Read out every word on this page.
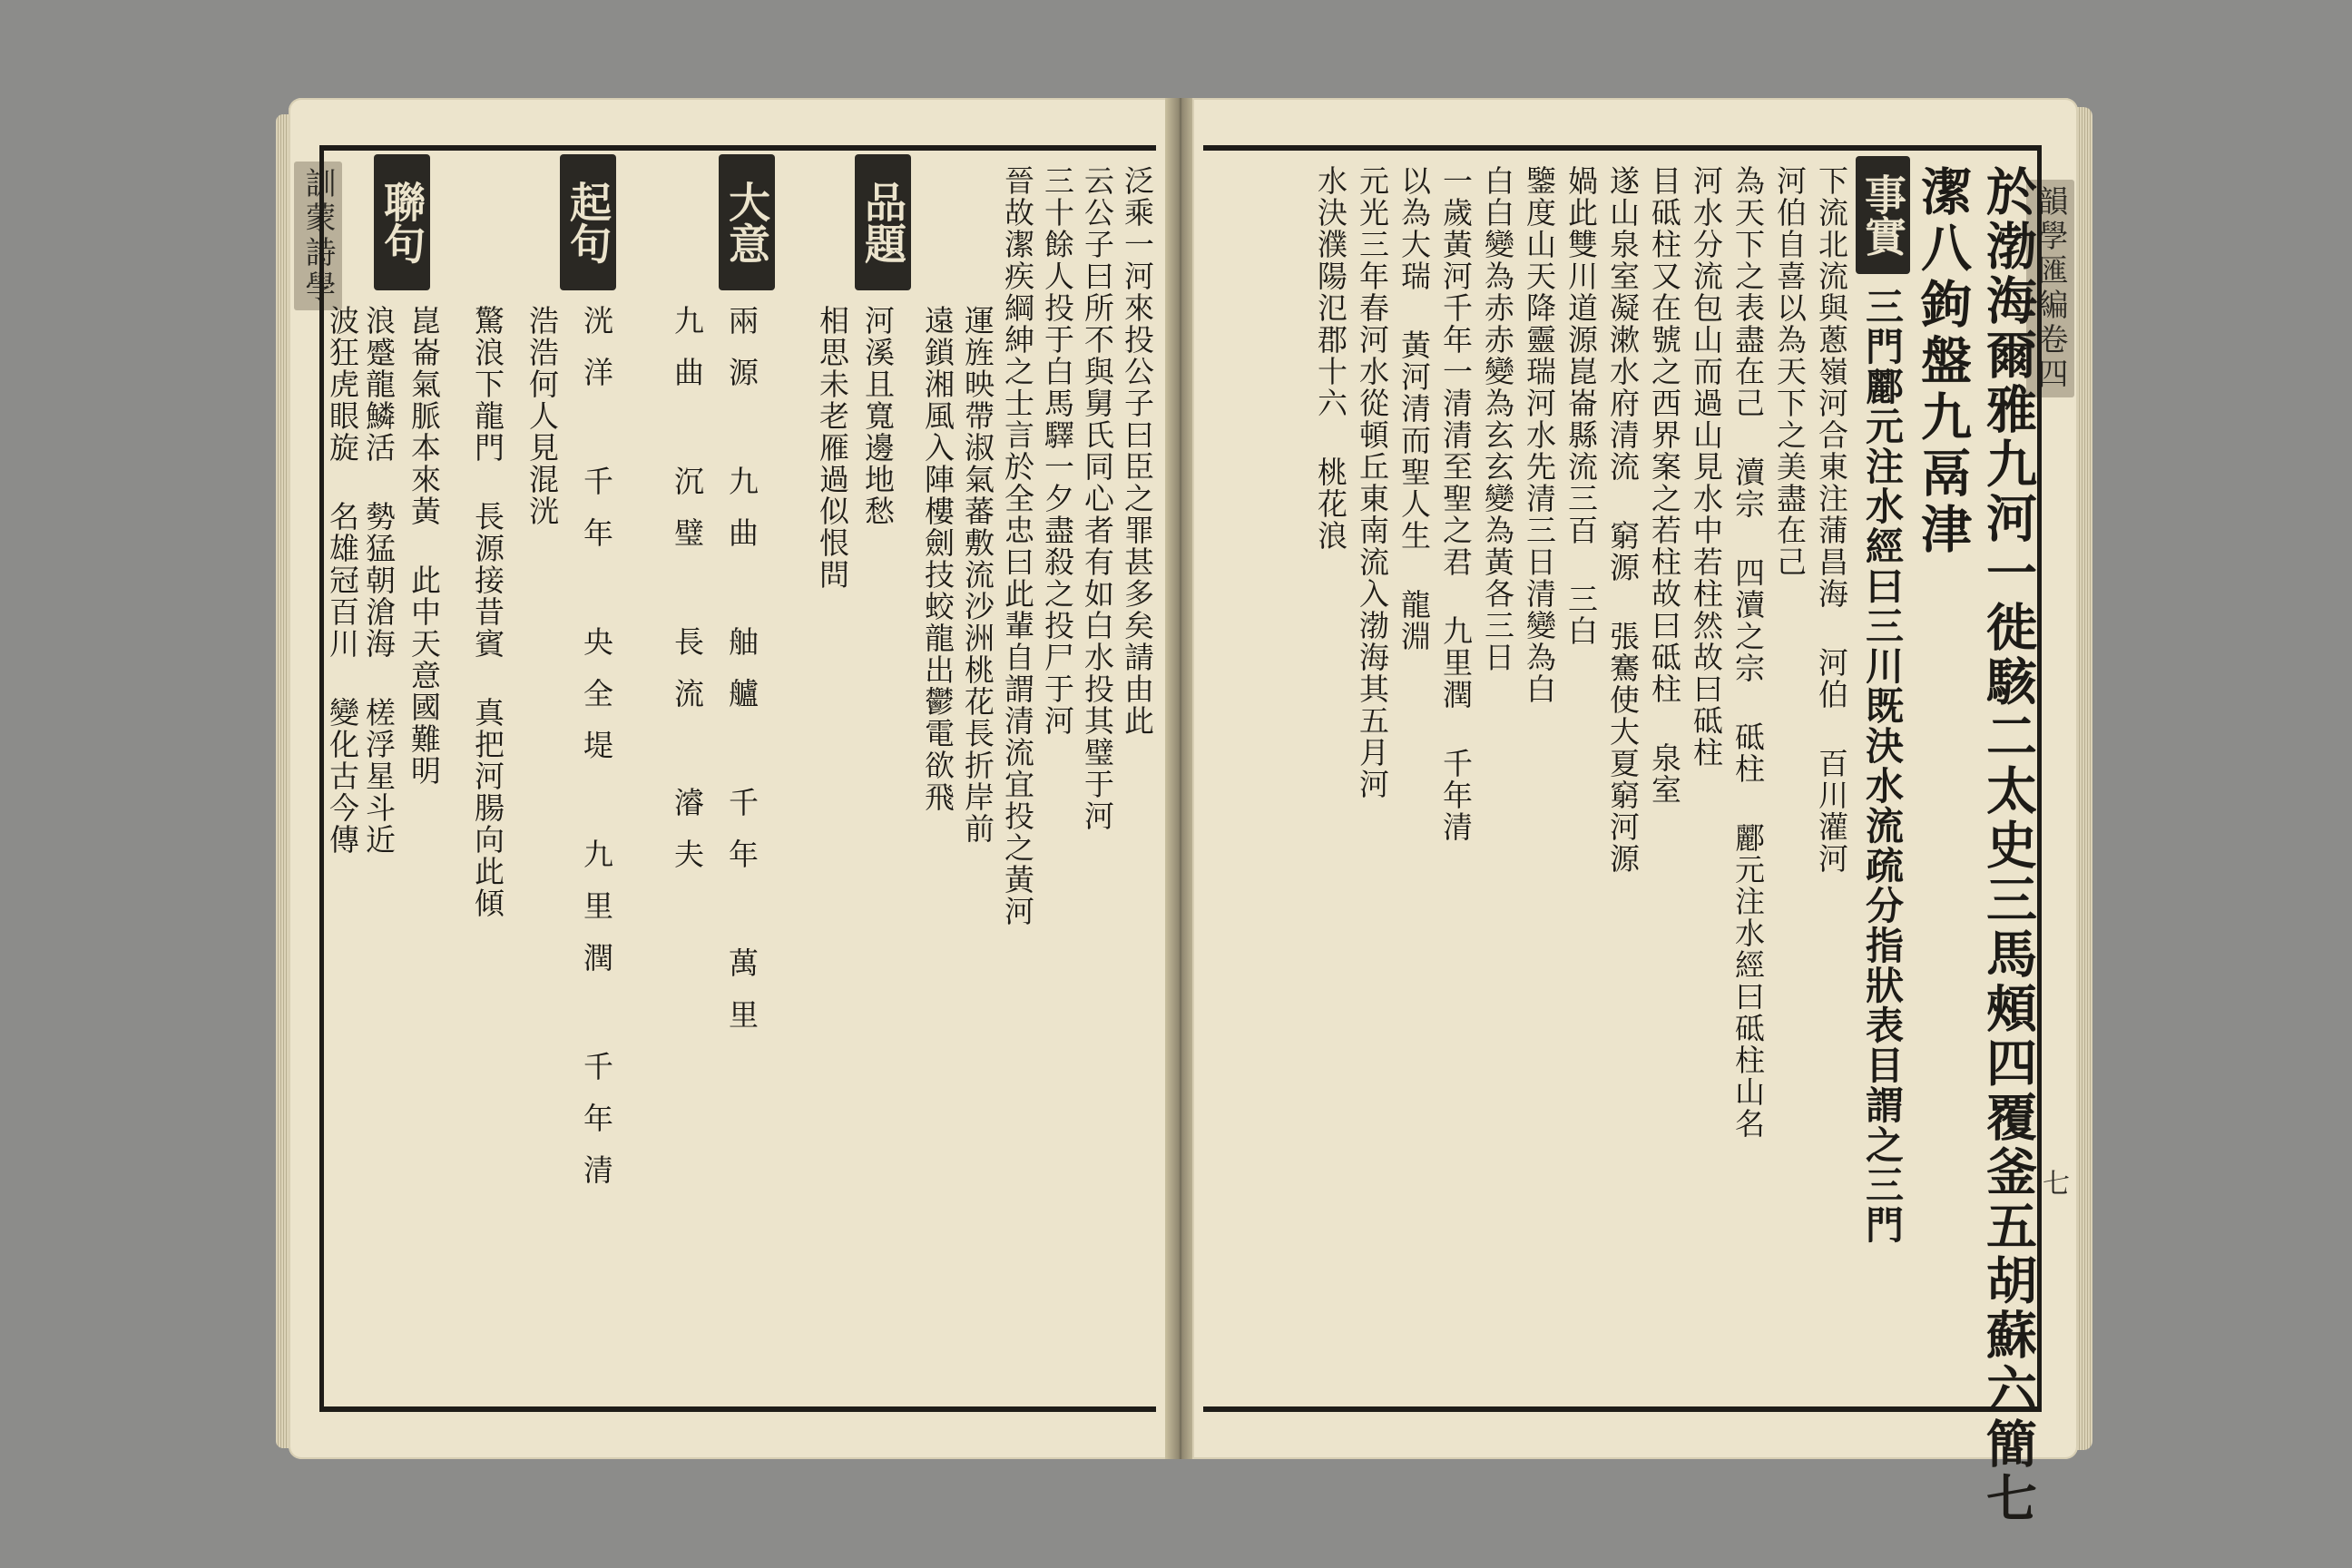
訓蒙詩學	品題
大意
起句
聯句	泛乘一河來投公子曰臣之罪甚多矣請由此
云公子曰所不與舅氏同心者有如白水投其璧于河
三十餘人投于白馬驛一夕盡殺之投尸于河
晉故潔疾綱紳之士言於全忠曰此輩自謂清流宜投之黃河
運旌映帶淑氣蕃敷流沙洲桃花長折岸前
遠鎖湘風入陣樓劍技蛟龍出鬱電欲飛
河溪且寬邊地愁
相思未老雁過似恨問
兩源 九曲 舳艫 千年 萬里
九曲 沉璧 長流 濬夫
洸洋 千年 央全堤 九里潤 千年清
浩浩何人見混洸
驚浪下龍門 長源接昔賓 真把河腸向此傾
崑崙氣脈本來黃 此中天意國難明
浪蹙龍鱗活 勢猛朝滄海 槎浮星斗近
波狂虎眼旋 名雄冠百川 變化古今傳
韻學匯編卷四
七
於渤海爾雅九河一徙駭二太史三馬頰四覆釜五胡蘇六簡七
潔八鉤盤九鬲津
事實
三門酈元注水經曰三川既決水流疏分指狀表目謂之三門
下流北流與蔥嶺河合東注蒲昌海 河伯 百川灌河
河伯自喜以為天下之美盡在己
為天下之表盡在己 瀆宗 四瀆之宗 砥柱 酈元注水經曰砥柱山名
河水分流包山而過山見水中若柱然故曰砥柱
目砥柱又在號之西界案之若柱故曰砥柱 泉室
遂山泉室凝漱水府清流 窮源 張騫使大夏窮河源
媧此雙川道源崑崙縣流三百 三白
鑒度山天降靈瑞河水先清三日清變為白
白白變為赤赤變為玄玄變為黃各三日
一歲黃河千年一清清至聖之君 九里潤 千年清
以為大瑞 黃河清而聖人生 龍淵
元光三年春河水從頓丘東南流入渤海其五月河
水決濮陽氾郡十六 桃花浪
